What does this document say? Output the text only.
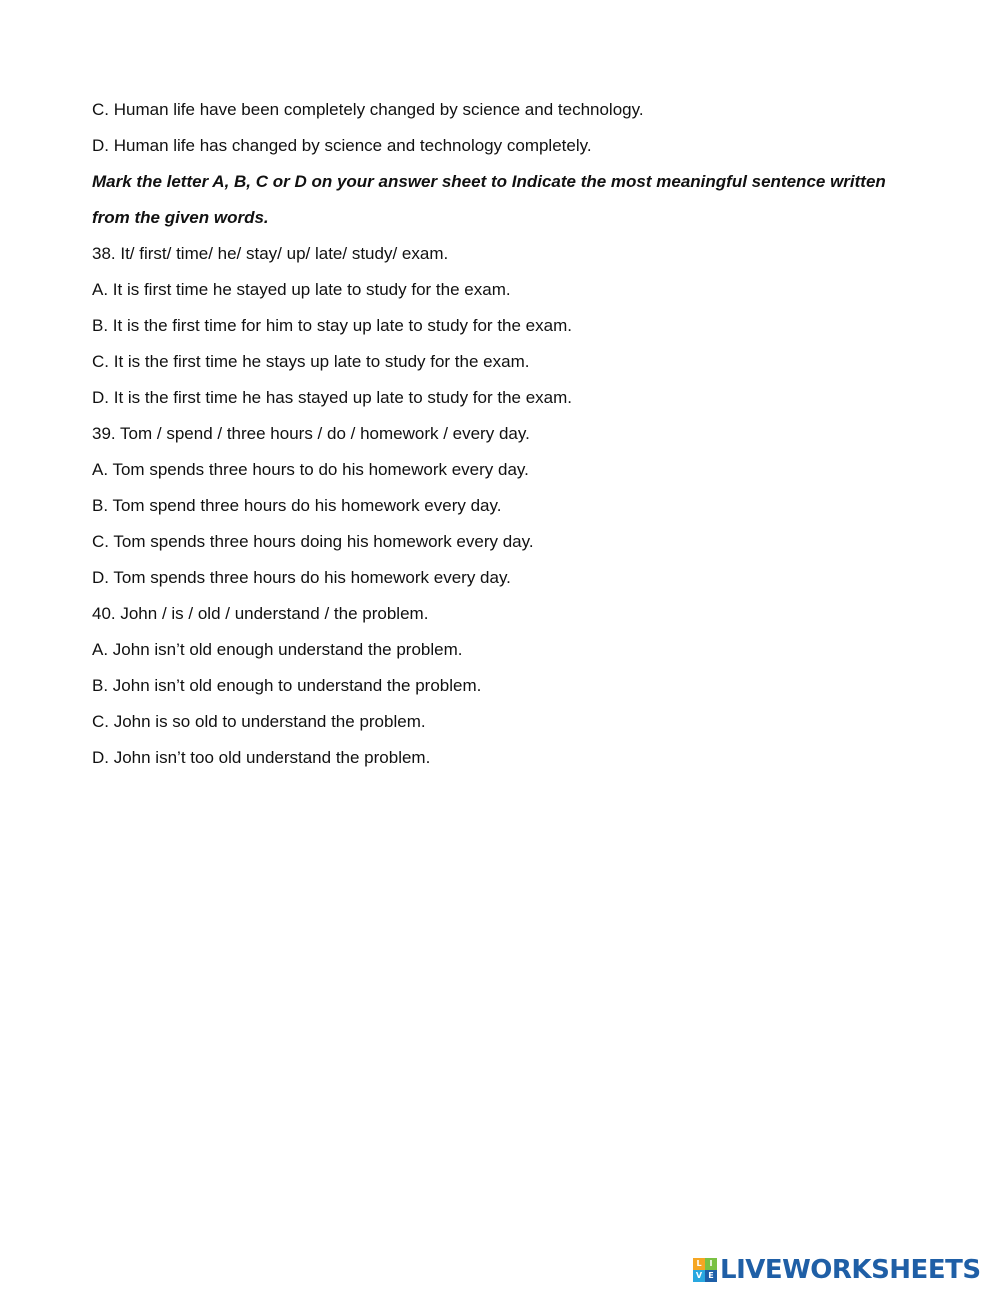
C. Human life have been completely changed by science and technology.
D. Human life has changed by science and technology completely.
Mark the letter A, B, C or D on your answer sheet to Indicate the most meaningful sentence written from the given words.
38. It/ first/ time/ he/ stay/ up/ late/ study/ exam.
A. It is first time he stayed up late to study for the exam.
B. It is the first time for him to stay up late to study for the exam.
C. It is the first time he stays up late to study for the exam.
D. It is the first time he has stayed up late to study for the exam.
39. Tom / spend / three hours / do / homework / every day.
A. Tom spends three hours to do his homework every day.
B. Tom spend three hours do his homework every day.
C. Tom spends three hours doing his homework every day.
D. Tom spends three hours do his homework every day.
40. John / is / old / understand / the problem.
A. John isn’t old enough understand the problem.
B. John isn’t old enough to understand the problem.
C. John is so old to understand the problem.
D. John isn’t too old understand the problem.
L I
V E LIVEWORKSHEETS
